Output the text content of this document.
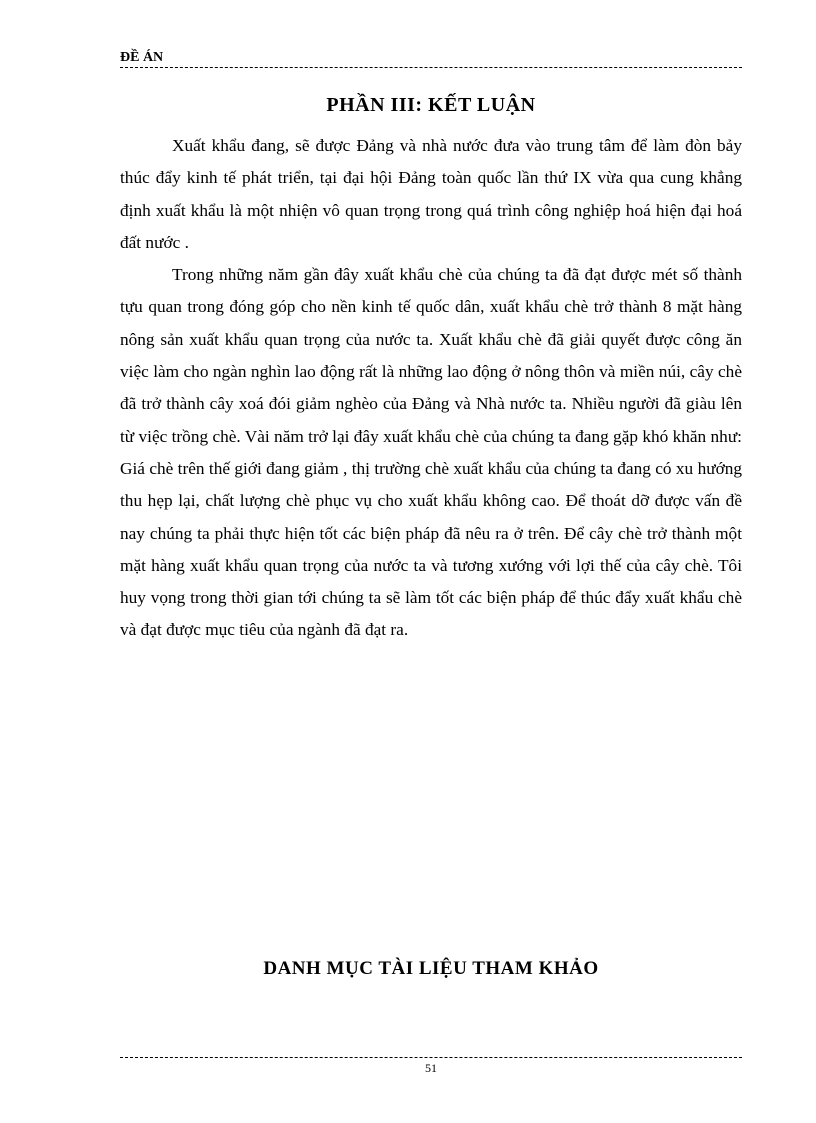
ĐỀ ÁN
PHẦN III: KẾT LUẬN

Xuất khẩu đang, sẽ được Đảng và nhà nước đưa vào trung tâm để làm đòn bảy thúc đẩy kinh tế phát triển, tại đại hội Đảng toàn quốc lần thứ IX vừa qua cung khẳng định xuất khẩu là một nhiện vô quan trọng trong quá trình công nghiệp hoá hiện đại hoá đất nước .

Trong những năm gần đây xuất khẩu chè của chúng ta đã đạt được mét số thành tựu quan trong đóng góp cho nền kinh tế quốc dân, xuất khẩu chè trở thành 8 mặt hàng nông sản xuất khẩu quan trọng của nước ta. Xuất khẩu chè đã giải quyết được công ăn việc làm cho ngàn nghìn lao động rất là những lao động ở nông thôn và miền núi, cây chè đã trở thành cây xoá đói giảm nghèo của Đảng và Nhà nước ta. Nhiều người đã giàu lên từ việc trồng chè. Vài năm trở lại đây xuất khẩu chè của chúng ta đang gặp khó khăn như: Giá chè trên thế giới đang giảm , thị trường chè xuất khẩu của chúng ta đang có xu hướng thu hẹp lại, chất lượng chè phục vụ cho xuất khẩu không cao. Để thoát dỡ được vấn đề nay chúng ta phải thực hiện tốt các biện pháp đã nêu ra ở trên. Để cây chè trở thành một mặt hàng xuất khẩu quan trọng của nước ta và tương xướng với lợi thế của cây chè. Tôi huy vọng trong thời gian tới chúng ta sẽ làm tốt các biện pháp để thúc đẩy xuất khẩu chè và đạt được mục tiêu của ngành đã đạt ra.

DANH MỤC TÀI LIỆU THAM KHẢO
51
